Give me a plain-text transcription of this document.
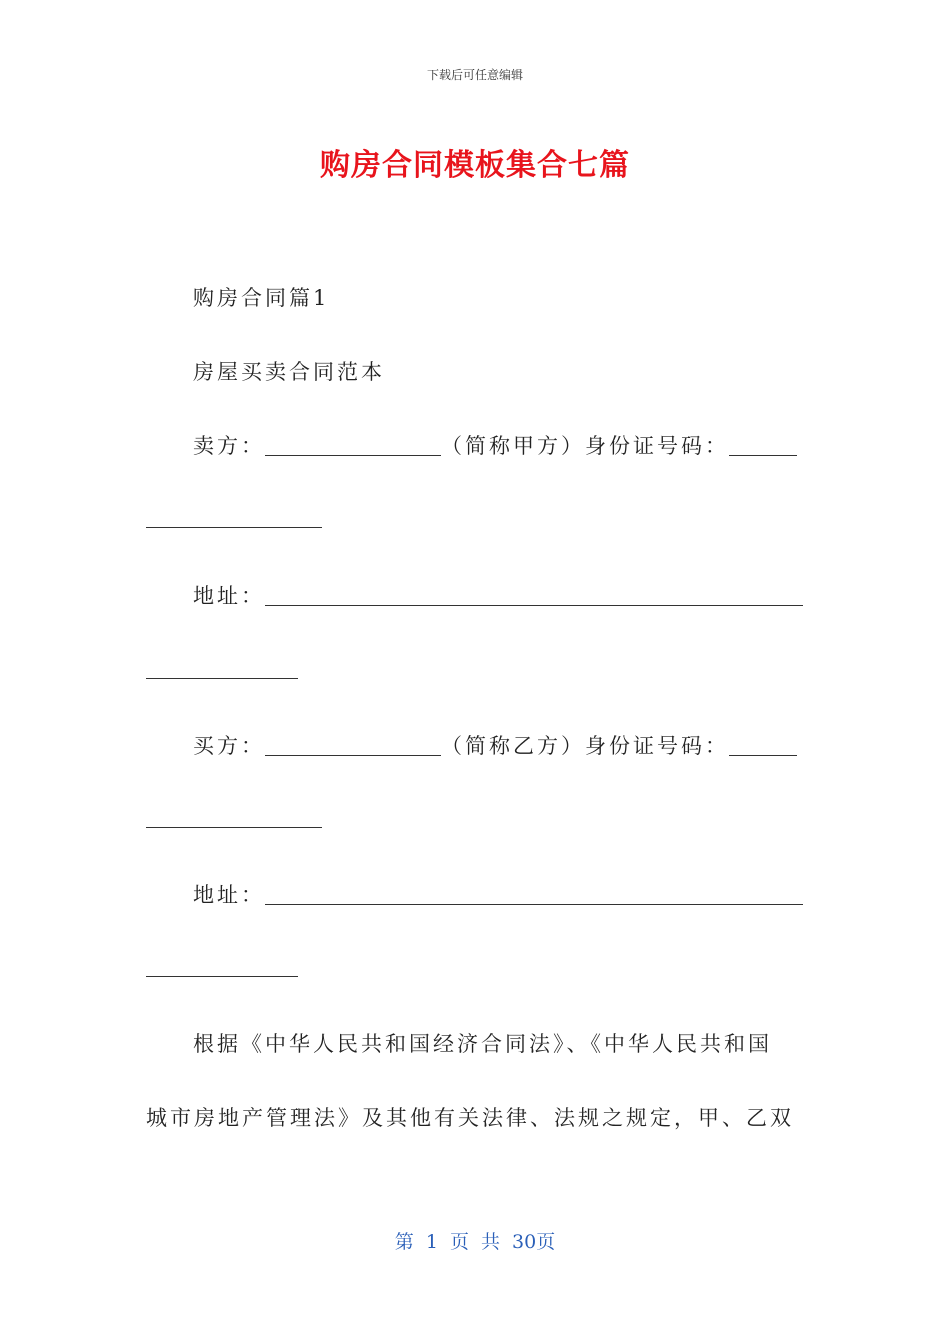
下载后可任意编辑
购房合同模板集合七篇
购房合同篇1
房屋买卖合同范本
卖方：	（简称甲方）身份证号码：
地址：
买方：	（简称乙方）身份证号码：
地址：
根据《中华人民共和国经济合同法》、《中华人民共和国
城市房地产管理法》及其他有关法律、法规之规定，甲、乙双
第 1 页 共 30页
